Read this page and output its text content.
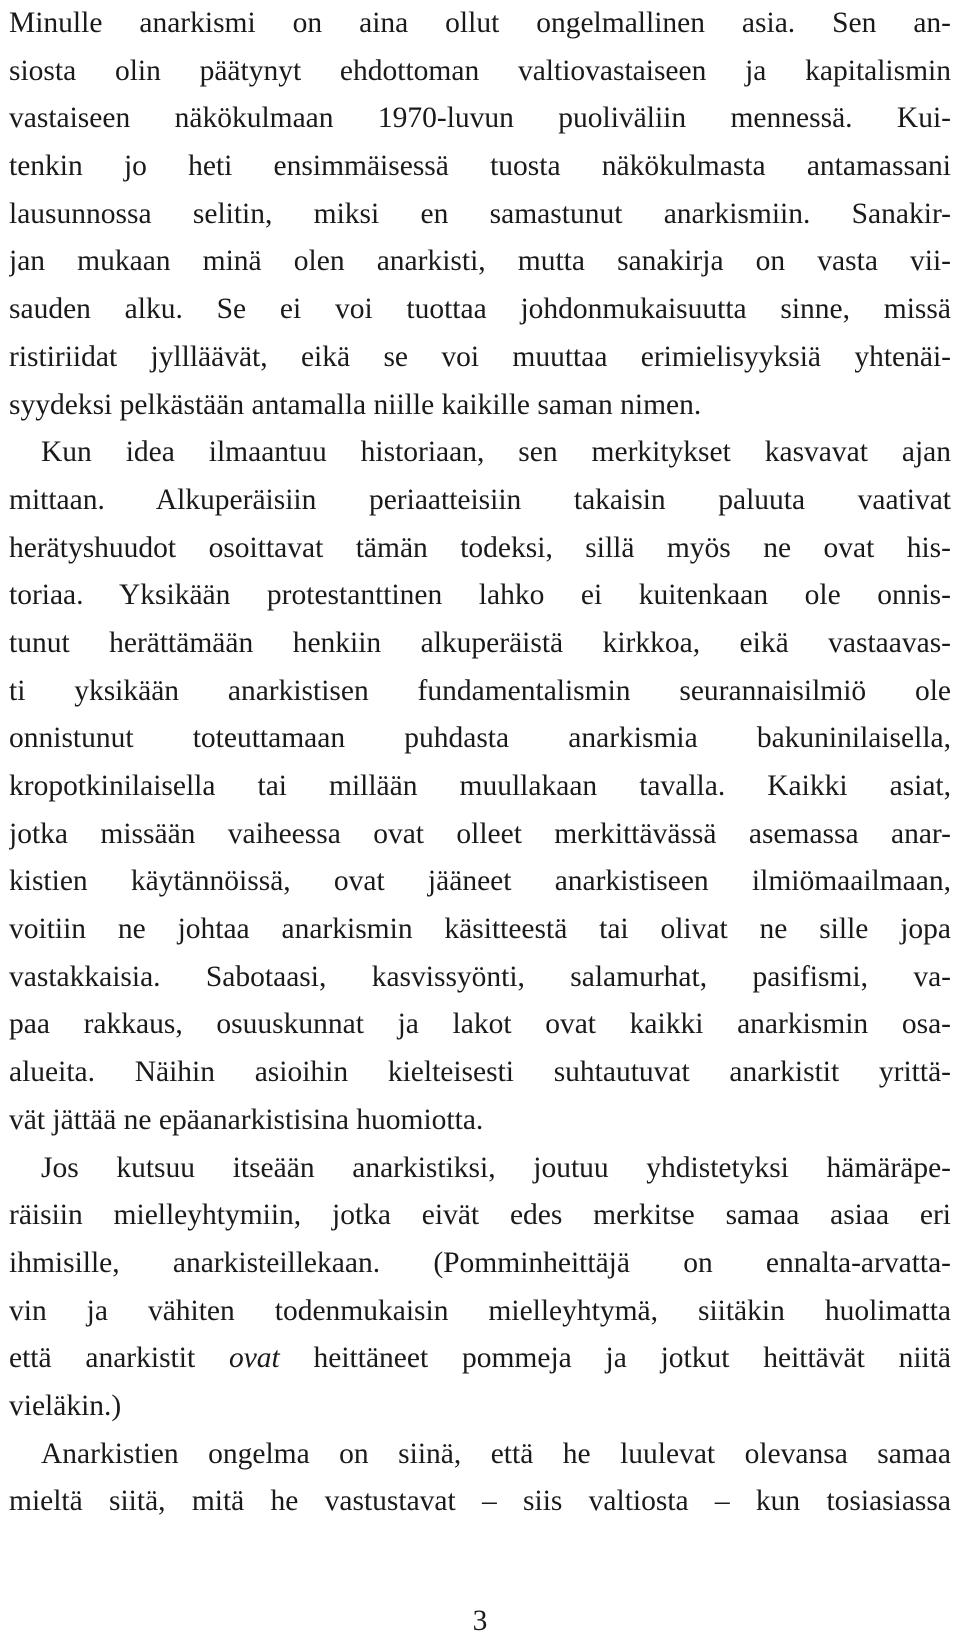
Minulle anarkismi on aina ollut ongelmallinen asia. Sen an-
siosta olin päätynyt ehdottoman valtiovastaiseen ja kapitalismin
vastaiseen näkökulmaan 1970-luvun puoliväliin mennessä. Kui-
tenkin jo heti ensimmäisessä tuosta näkökulmasta antamassani
lausunnossa selitin, miksi en samastunut anarkismiin. Sanakir-
jan mukaan minä olen anarkisti, mutta sanakirja on vasta vii-
sauden alku. Se ei voi tuottaa johdonmukaisuutta sinne, missä
ristiriidat jyllläävät, eikä se voi muuttaa erimielisyyksiä yhtenäi-
syydeksi pelkästään antamalla niille kaikille saman nimen.
Kun idea ilmaantuu historiaan, sen merkitykset kasvavat ajan
mittaan. Alkuperäisiin periaatteisiin takaisin paluuta vaativat
herätyshuudot osoittavat tämän todeksi, sillä myös ne ovat his-
toriaa. Yksikään protestanttinen lahko ei kuitenkaan ole onnis-
tunut herättämään henkiin alkuperäistä kirkkoa, eikä vastaavas-
ti yksikään anarkistisen fundamentalismin seurannaisilmiö ole
onnistunut toteuttamaan puhdasta anarkismia bakuninilaisella,
kropotkinilaisella tai millään muullakaan tavalla. Kaikki asiat,
jotka missään vaiheessa ovat olleet merkittävässä asemassa anar-
kistien käytännöissä, ovat jääneet anarkistiseen ilmiömaailmaan,
voitiin ne johtaa anarkismin käsitteestä tai olivat ne sille jopa
vastakkaisia. Sabotaasi, kasvissyönti, salamurhat, pasifismi, va-
paa rakkaus, osuuskunnat ja lakot ovat kaikki anarkismin osa-
alueita. Näihin asioihin kielteisesti suhtautuvat anarkistit yrittä-
vät jättää ne epäanarkistisina huomiotta.
Jos kutsuu itseään anarkistiksi, joutuu yhdistetyksi hämäräpe-
räisiin mielleyhtymiin, jotka eivät edes merkitse samaa asiaa eri
ihmisille, anarkisteillekaan. (Pomminheittäjä on ennalta-arvatta-
vin ja vähiten todenmukaisin mielleyhtymä, siitäkin huolimatta
että anarkistit ovat heittäneet pommeja ja jotkut heittävät niitä
vieläkin.)
Anarkistien ongelma on siinä, että he luulevat olevansa samaa
mieltä siitä, mitä he vastustavat – siis valtiosta – kun tosiasiassa
3
